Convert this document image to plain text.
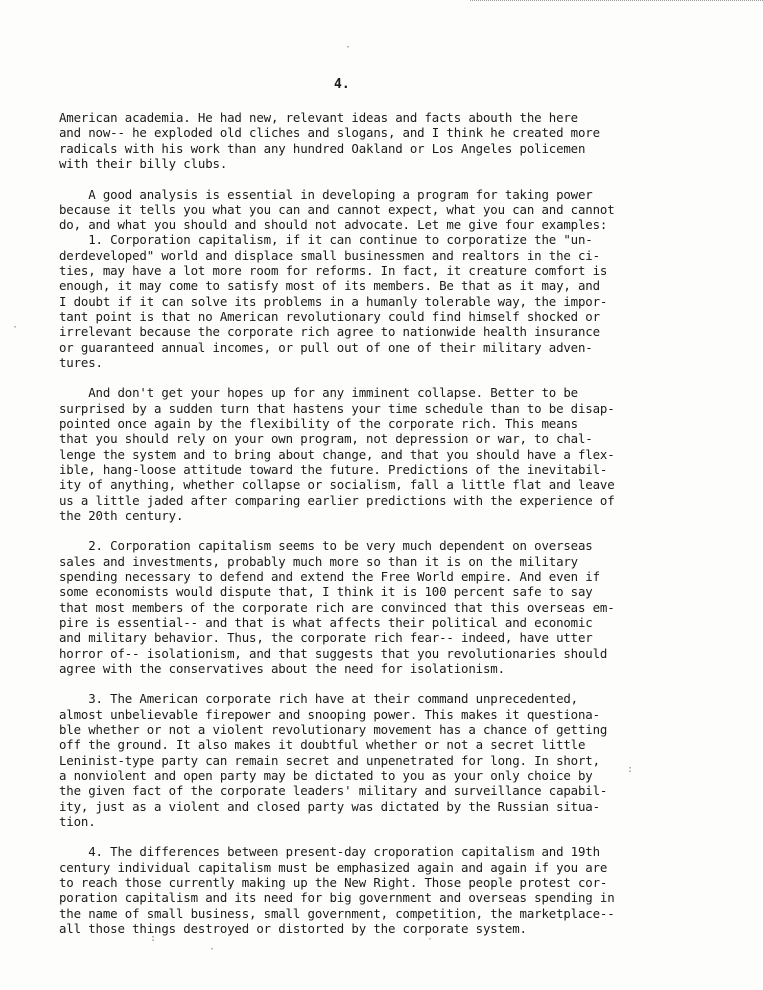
4.
American academia. He had new, relevant ideas and facts abouth the here
and now-- he exploded old cliches and slogans, and I think he created more
radicals with his work than any hundred Oakland or Los Angeles policemen
with their billy clubs.
A good analysis is essential in developing a program for taking power
because it tells you what you can and cannot expect, what you can and cannot
do, and what you should and should not advocate. Let me give four examples:
1. Corporation capitalism, if it can continue to corporatize the "un-
derdeveloped" world and displace small businessmen and realtors in the ci-
ties, may have a lot more room for reforms. In fact, it creature comfort is
enough, it may come to satisfy most of its members. Be that as it may, and
I doubt if it can solve its problems in a humanly tolerable way, the impor-
tant point is that no American revolutionary could find himself shocked or
irrelevant because the corporate rich agree to nationwide health insurance
or guaranteed annual incomes, or pull out of one of their military adven-
tures.
And don't get your hopes up for any imminent collapse. Better to be
surprised by a sudden turn that hastens your time schedule than to be disap-
pointed once again by the flexibility of the corporate rich. This means
that you should rely on your own program, not depression or war, to chal-
lenge the system and to bring about change, and that you should have a flex-
ible, hang-loose attitude toward the future. Predictions of the inevitabil-
ity of anything, whether collapse or socialism, fall a little flat and leave
us a little jaded after comparing earlier predictions with the experience of
the 20th century.
2. Corporation capitalism seems to be very much dependent on overseas
sales and investments, probably much more so than it is on the military
spending necessary to defend and extend the Free World empire. And even if
some economists would dispute that, I think it is 100 percent safe to say
that most members of the corporate rich are convinced that this overseas em-
pire is essential-- and that is what affects their political and economic
and military behavior. Thus, the corporate rich fear-- indeed, have utter
horror of-- isolationism, and that suggests that you revolutionaries should
agree with the conservatives about the need for isolationism.
3. The American corporate rich have at their command unprecedented,
almost unbelievable firepower and snooping power. This makes it questiona-
ble whether or not a violent revolutionary movement has a chance of getting
off the ground. It also makes it doubtful whether or not a secret little
Leninist-type party can remain secret and unpenetrated for long. In short,
a nonviolent and open party may be dictated to you as your only choice by
the given fact of the corporate leaders' military and surveillance capabil-
ity, just as a violent and closed party was dictated by the Russian situa-
tion.
4. The differences between present-day croporation capitalism and 19th
century individual capitalism must be emphasized again and again if you are
to reach those currently making up the New Right. Those people protest cor-
poration capitalism and its need for big government and overseas spending in
the name of small business, small government, competition, the marketplace--
all those things destroyed or distorted by the corporate system.
·
·
:
:
·
·
